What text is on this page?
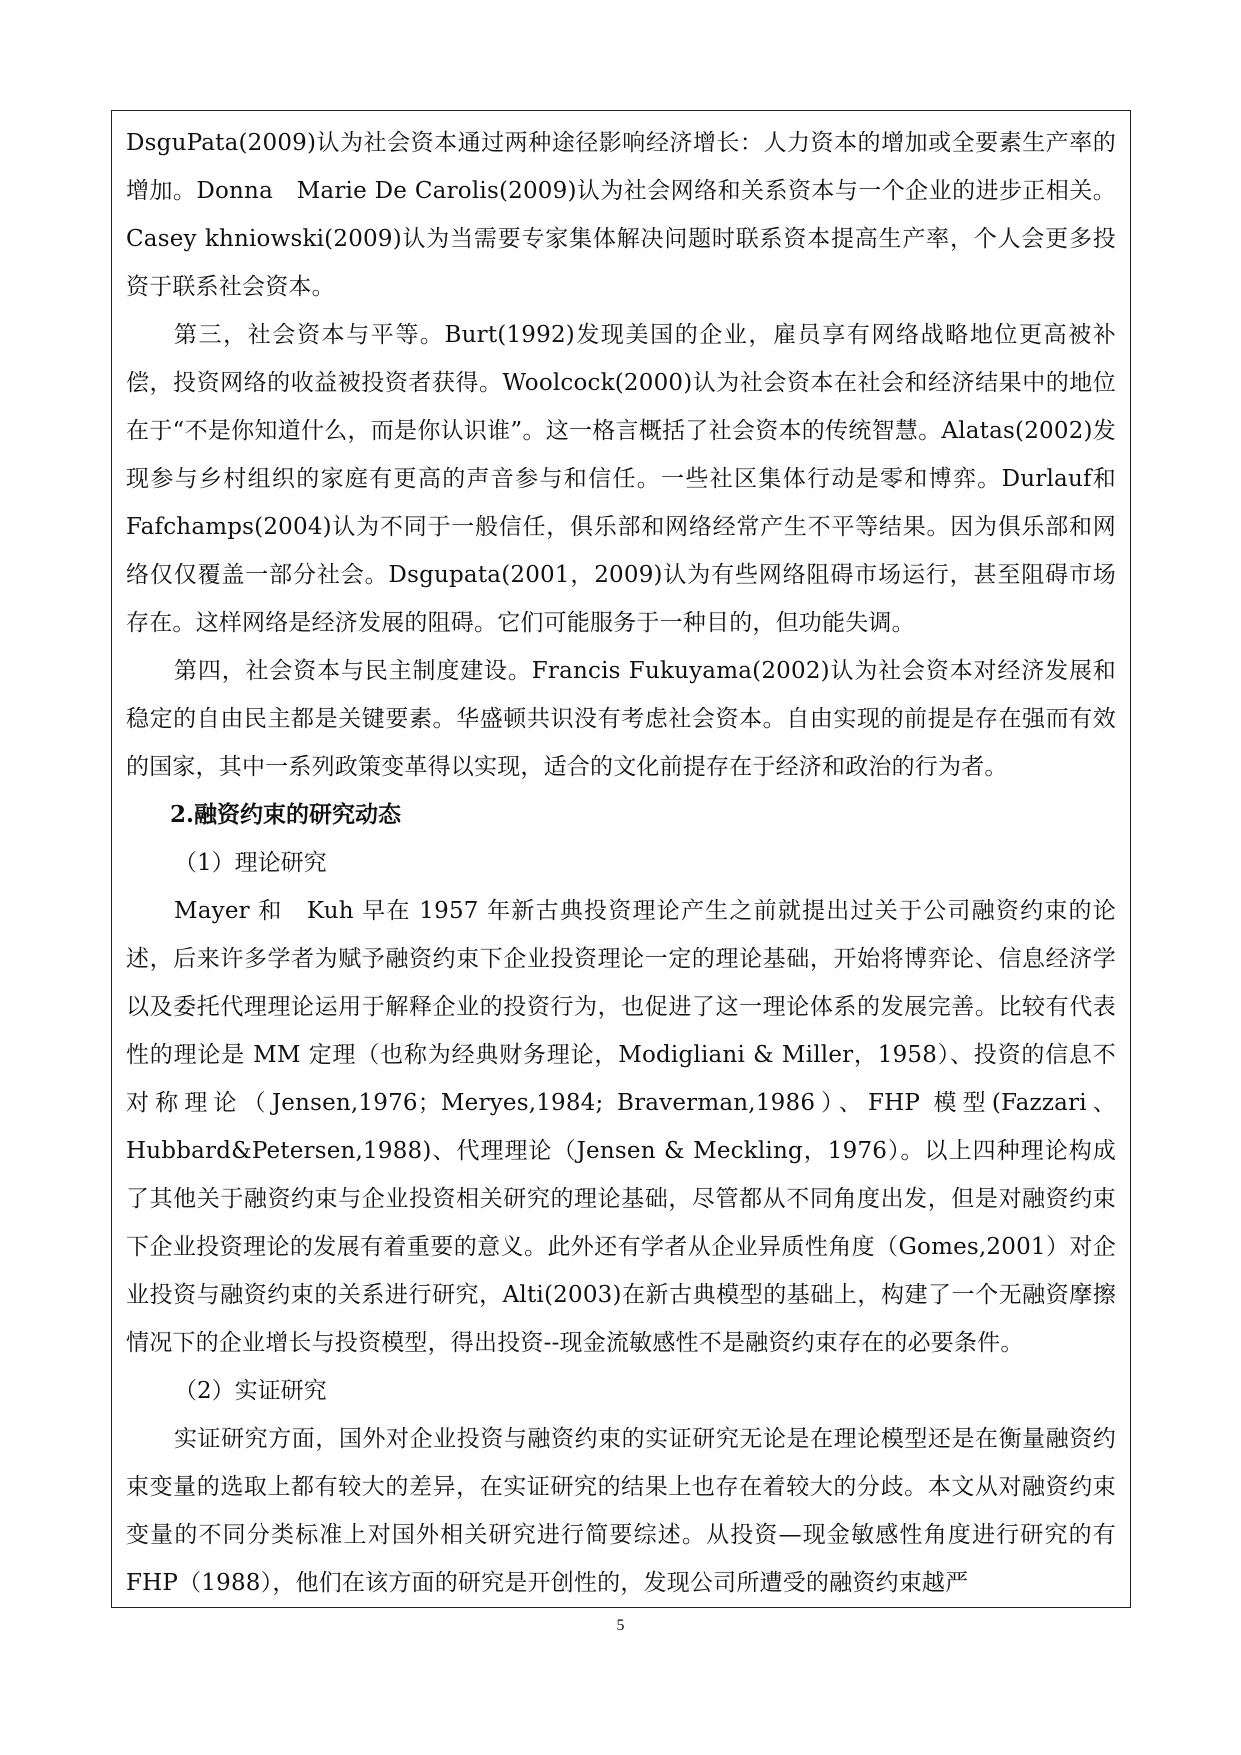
DsguPata(2009)认为社会资本通过两种途径影响经济增长：人力资本的增加或全要素生产率的增加。Donna　Marie De Carolis(2009)认为社会网络和关系资本与一个企业的进步正相关。Casey khniowski(2009)认为当需要专家集体解决问题时联系资本提高生产率，个人会更多投资于联系社会资本。

第三，社会资本与平等。Burt(1992)发现美国的企业，雇员享有网络战略地位更高被补偿，投资网络的收益被投资者获得。Woolcock(2000)认为社会资本在社会和经济结果中的地位在于“不是你知道什么，而是你认识谁”。这一格言概括了社会资本的传统智慧。Alatas(2002)发现参与乡村组织的家庭有更高的声音参与和信任。一些社区集体行动是零和博弈。Durlauf和Fafchamps(2004)认为不同于一般信任，俱乐部和网络经常产生不平等结果。因为俱乐部和网络仅仅覆盖一部分社会。Dsgupata(2001，2009)认为有些网络阻碍市场运行，甚至阻碍市场存在。这样网络是经济发展的阻碍。它们可能服务于一种目的，但功能失调。

第四，社会资本与民主制度建设。Francis Fukuyama(2002)认为社会资本对经济发展和稳定的自由民主都是关键要素。华盛顿共识没有考虑社会资本。自由实现的前提是存在强而有效的国家，其中一系列政策变革得以实现，适合的文化前提存在于经济和政治的行为者。

2.融资约束的研究动态

（1）理论研究

Mayer 和　Kuh 早在 1957 年新古典投资理论产生之前就提出过关于公司融资约束的论述，后来许多学者为赋予融资约束下企业投资理论一定的理论基础，开始将博弈论、信息经济学以及委托代理理论运用于解释企业的投资行为，也促进了这一理论体系的发展完善。比较有代表性的理论是 MM 定理（也称为经典财务理论，Modigliani & Miller，1958）、投资的信息不对称理论（Jensen,1976；Meryes,1984; Braverman,1986）、FHP 模型(Fazzari、Hubbard&Petersen,1988)、代理理论（Jensen & Meckling，1976）。以上四种理论构成了其他关于融资约束与企业投资相关研究的理论基础，尽管都从不同角度出发，但是对融资约束下企业投资理论的发展有着重要的意义。此外还有学者从企业异质性角度（Gomes,2001）对企业投资与融资约束的关系进行研究，Alti(2003)在新古典模型的基础上，构建了一个无融资摩擦情况下的企业增长与投资模型，得出投资--现金流敏感性不是融资约束存在的必要条件。

（2）实证研究

实证研究方面，国外对企业投资与融资约束的实证研究无论是在理论模型还是在衡量融资约束变量的选取上都有较大的差异，在实证研究的结果上也存在着较大的分歧。本文从对融资约束变量的不同分类标准上对国外相关研究进行简要综述。从投资—现金敏感性角度进行研究的有 FHP（1988），他们在该方面的研究是开创性的，发现公司所遭受的融资约束越严

5
